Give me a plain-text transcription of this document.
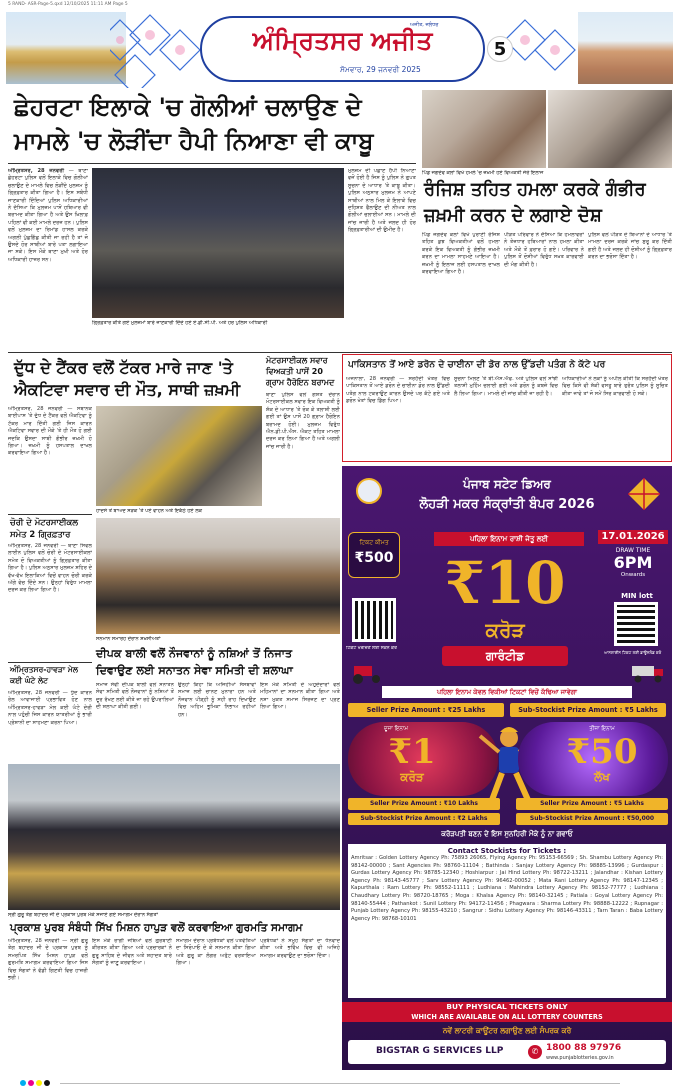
5 RAND- ASR-Page-5.qxd 12/10/2025 11:11 AM Page 5
ਅਜੀਤ, ਜਲੰਧਰ
ਅੰਮ੍ਰਿਤਸਰ ਅਜੀਤ
ਸੋਮਵਾਰ, 29 ਜਨਵਰੀ 2025
5
ਛੇਹਰਟਾ ਇਲਾਕੇ 'ਚ ਗੋਲੀਆਂ ਚਲਾਉਣ ਦੇ
ਮਾਮਲੇ 'ਚ ਲੋੜੀਂਦਾ ਹੈਪੀ ਨਿਆਣਾ ਵੀ ਕਾਬੂ
ਅੰਮ੍ਰਿਤਸਰ, 28 ਜਨਵਰੀ — ਥਾਣਾ ਛੇਹਰਟਾ ਪੁਲਿਸ ਵਲੋਂ ਇਲਾਕੇ ਵਿਚ ਗੋਲੀਆਂ ਚਲਾਉਣ ਦੇ ਮਾਮਲੇ ਵਿਚ ਲੋੜੀਂਦੇ ਮੁਲਜ਼ਮ ਨੂੰ ਗ੍ਰਿਫ਼ਤਾਰ ਕੀਤਾ ਗਿਆ ਹੈ। ਇਸ ਸਬੰਧੀ ਜਾਣਕਾਰੀ ਦਿੰਦਿਆਂ ਪੁਲਿਸ ਅਧਿਕਾਰੀਆਂ ਨੇ ਦੱਸਿਆ ਕਿ ਮੁਲਜ਼ਮ ਪਾਸੋਂ ਹਥਿਆਰ ਵੀ ਬਰਾਮਦ ਕੀਤਾ ਗਿਆ ਹੈ ਅਤੇ ਉਸ ਖ਼ਿਲਾਫ਼ ਪਹਿਲਾਂ ਵੀ ਕਈ ਮਾਮਲੇ ਦਰਜ ਹਨ। ਪੁਲਿਸ ਵਲੋਂ ਮੁਲਜ਼ਮ ਦਾ ਰਿਮਾਂਡ ਹਾਸਲ ਕਰਕੇ ਅਗਲੀ ਪੁੱਛਗਿੱਛ ਕੀਤੀ ਜਾ ਰਹੀ ਹੈ ਤਾਂ ਜੋ ਉਸਦੇ ਹੋਰ ਸਾਥੀਆਂ ਬਾਰੇ ਪਤਾ ਲਗਾਇਆ ਜਾ ਸਕੇ। ਇਸ ਮੌਕੇ ਥਾਣਾ ਮੁਖੀ ਅਤੇ ਹੋਰ ਅਧਿਕਾਰੀ ਹਾਜ਼ਰ ਸਨ।
ਗ੍ਰਿਫ਼ਤਾਰ ਕੀਤੇ ਗਏ ਮੁਲਜ਼ਮਾਂ ਬਾਰੇ ਜਾਣਕਾਰੀ ਦਿੰਦੇ ਹੋਏ ਏ.ਡੀ.ਸੀ.ਪੀ. ਅਤੇ ਹੋਰ ਪੁਲਿਸ ਅਧਿਕਾਰੀ
ਮੁਲਜ਼ਮ ਦੀ ਪਛਾਣ ਹੈਪੀ ਨਿਆਣਾ ਵਜੋਂ ਹੋਈ ਹੈ ਜਿਸ ਨੂੰ ਪੁਲਿਸ ਨੇ ਗੁਪਤ ਸੂਚਨਾ ਦੇ ਆਧਾਰ 'ਤੇ ਕਾਬੂ ਕੀਤਾ। ਪੁਲਿਸ ਅਨੁਸਾਰ ਮੁਲਜ਼ਮ ਨੇ ਆਪਣੇ ਸਾਥੀਆਂ ਨਾਲ ਮਿਲ ਕੇ ਇਲਾਕੇ ਵਿਚ ਦਹਿਸ਼ਤ ਫੈਲਾਉਣ ਦੀ ਨੀਅਤ ਨਾਲ ਗੋਲੀਆਂ ਚਲਾਈਆਂ ਸਨ। ਮਾਮਲੇ ਦੀ ਜਾਂਚ ਜਾਰੀ ਹੈ ਅਤੇ ਜਲਦ ਹੀ ਹੋਰ ਗ੍ਰਿਫ਼ਤਾਰੀਆਂ ਦੀ ਉਮੀਦ ਹੈ।
ਪਿੰਡ ਜਗਦੇਵ ਕਲਾਂ ਵਿਖੇ ਹਮਲੇ 'ਚ ਜ਼ਖ਼ਮੀ ਹੋਏ ਵਿਅਕਤੀ ਜੇਰੇ ਇਲਾਜ
ਰੰਜਿਸ਼ ਤਹਿਤ ਹਮਲਾ ਕਰਕੇ ਗੰਭੀਰ
ਜ਼ਖ਼ਮੀ ਕਰਨ ਦੇ ਲਗਾਏ ਦੋਸ਼
ਪਿੰਡ ਜਗਦੇਵ ਕਲਾਂ ਵਿਖੇ ਪੁਰਾਣੀ ਰੰਜਿਸ਼ ਤਹਿਤ ਕੁਝ ਵਿਅਕਤੀਆਂ ਵਲੋਂ ਹਮਲਾ ਕਰਕੇ ਇਕ ਵਿਅਕਤੀ ਨੂੰ ਗੰਭੀਰ ਜ਼ਖ਼ਮੀ ਕਰਨ ਦਾ ਮਾਮਲਾ ਸਾਹਮਣੇ ਆਇਆ ਹੈ। ਜ਼ਖ਼ਮੀ ਨੂੰ ਇਲਾਜ ਲਈ ਹਸਪਤਾਲ ਦਾਖਲ ਕਰਵਾਇਆ ਗਿਆ ਹੈ।
ਪੀੜਤ ਪਰਿਵਾਰ ਨੇ ਦੱਸਿਆ ਕਿ ਹਮਲਾਵਰਾਂ ਨੇ ਤੇਜ਼ਧਾਰ ਹਥਿਆਰਾਂ ਨਾਲ ਹਮਲਾ ਕੀਤਾ ਅਤੇ ਮੌਕੇ ਤੋਂ ਫ਼ਰਾਰ ਹੋ ਗਏ। ਪਰਿਵਾਰ ਨੇ ਪੁਲਿਸ ਤੋਂ ਦੋਸ਼ੀਆਂ ਵਿਰੁੱਧ ਸਖ਼ਤ ਕਾਰਵਾਈ ਦੀ ਮੰਗ ਕੀਤੀ ਹੈ।
ਪੁਲਿਸ ਵਲੋਂ ਪੀੜਤ ਦੇ ਬਿਆਨਾਂ ਦੇ ਆਧਾਰ 'ਤੇ ਮਾਮਲਾ ਦਰਜ ਕਰਕੇ ਜਾਂਚ ਸ਼ੁਰੂ ਕਰ ਦਿੱਤੀ ਗਈ ਹੈ ਅਤੇ ਜਲਦ ਹੀ ਦੋਸ਼ੀਆਂ ਨੂੰ ਗ੍ਰਿਫ਼ਤਾਰ ਕਰਨ ਦਾ ਭਰੋਸਾ ਦਿੱਤਾ ਹੈ।
ਦੁੱਧ ਦੇ ਟੈਂਕਰ ਵਲੋਂ ਟੱਕਰ ਮਾਰੇ ਜਾਣ 'ਤੇ
ਐਕਟਿਵਾ ਸਵਾਰ ਦੀ ਮੌਤ, ਸਾਥੀ ਜ਼ਖ਼ਮੀ
ਅੰਮ੍ਰਿਤਸਰ, 28 ਜਨਵਰੀ — ਸਥਾਨਕ ਬਾਈਪਾਸ 'ਤੇ ਦੁੱਧ ਦੇ ਟੈਂਕਰ ਵਲੋਂ ਐਕਟਿਵਾ ਨੂੰ ਟੱਕਰ ਮਾਰ ਦਿੱਤੀ ਗਈ ਜਿਸ ਕਾਰਨ ਐਕਟਿਵਾ ਸਵਾਰ ਦੀ ਮੌਕੇ 'ਤੇ ਹੀ ਮੌਤ ਹੋ ਗਈ ਜਦਕਿ ਉਸਦਾ ਸਾਥੀ ਗੰਭੀਰ ਜ਼ਖ਼ਮੀ ਹੋ ਗਿਆ। ਜ਼ਖ਼ਮੀ ਨੂੰ ਹਸਪਤਾਲ ਦਾਖਲ ਕਰਵਾਇਆ ਗਿਆ ਹੈ।
ਹਾਦਸੇ ਤੋਂ ਬਾਅਦ ਸੜਕ 'ਤੇ ਪਏ ਵਾਹਨ ਅਤੇ ਇਕੱਠੇ ਹੋਏ ਲੋਕ
ਮੋਟਰਸਾਈਕਲ ਸਵਾਰ
ਵਿਅਕਤੀ ਪਾਸੋਂ 20
ਗ੍ਰਾਮ ਹੈਰੋਇਨ ਬਰਾਮਦ
ਥਾਣਾ ਪੁਲਿਸ ਵਲੋਂ ਗਸ਼ਤ ਦੌਰਾਨ ਮੋਟਰਸਾਈਕਲ ਸਵਾਰ ਇਕ ਵਿਅਕਤੀ ਨੂੰ ਸ਼ੱਕ ਦੇ ਆਧਾਰ 'ਤੇ ਰੋਕ ਕੇ ਤਲਾਸ਼ੀ ਲਈ ਗਈ ਤਾਂ ਉਸ ਪਾਸੋਂ 20 ਗ੍ਰਾਮ ਹੈਰੋਇਨ ਬਰਾਮਦ ਹੋਈ। ਮੁਲਜ਼ਮ ਵਿਰੁੱਧ ਐਨ.ਡੀ.ਪੀ.ਐਸ. ਐਕਟ ਤਹਿਤ ਮਾਮਲਾ ਦਰਜ ਕਰ ਲਿਆ ਗਿਆ ਹੈ ਅਤੇ ਅਗਲੀ ਜਾਂਚ ਜਾਰੀ ਹੈ।
ਪਾਕਿਸਤਾਨ ਤੋਂ ਆਏ ਡਰੋਨ ਦੇ ਚਾਈਨਾ ਦੀ ਡੋਰ ਨਾਲ ਉੱਡਦੀ ਪਤੰਗ ਨੇ ਕੱਟੇ ਪਰ
ਅਜਨਾਲਾ, 28 ਜਨਵਰੀ — ਸਰਹੱਦੀ ਖੇਤਰ ਵਿਚ ਪਾਕਿਸਤਾਨ ਤੋਂ ਆਏ ਡਰੋਨ ਦੇ ਚਾਈਨਾ ਡੋਰ ਨਾਲ ਉੱਡਦੀ ਪਤੰਗ ਨਾਲ ਟਕਰਾਉਣ ਕਾਰਨ ਉਸਦੇ ਪਰ ਕੱਟੇ ਗਏ ਅਤੇ ਡਰੋਨ ਖੇਤਾਂ ਵਿਚ ਡਿੱਗ ਪਿਆ।
ਸੂਚਨਾ ਮਿਲਣ 'ਤੇ ਬੀ.ਐਸ.ਐਫ. ਅਤੇ ਪੁਲਿਸ ਵਲੋਂ ਸਾਂਝੀ ਤਲਾਸ਼ੀ ਮੁਹਿੰਮ ਚਲਾਈ ਗਈ ਅਤੇ ਡਰੋਨ ਨੂੰ ਕਬਜ਼ੇ ਵਿਚ ਲੈ ਲਿਆ ਗਿਆ। ਮਾਮਲੇ ਦੀ ਜਾਂਚ ਕੀਤੀ ਜਾ ਰਹੀ ਹੈ।
ਅਧਿਕਾਰੀਆਂ ਨੇ ਲੋਕਾਂ ਨੂੰ ਅਪੀਲ ਕੀਤੀ ਕਿ ਸਰਹੱਦੀ ਖੇਤਰ ਵਿਚ ਕਿਸੇ ਵੀ ਸ਼ੱਕੀ ਵਸਤੂ ਬਾਰੇ ਤੁਰੰਤ ਪੁਲਿਸ ਨੂੰ ਸੂਚਿਤ ਕੀਤਾ ਜਾਵੇ ਤਾਂ ਜੋ ਸਮੇਂ ਸਿਰ ਕਾਰਵਾਈ ਹੋ ਸਕੇ।
ਚੋਰੀ ਦੇ ਮੋਟਰਸਾਈਕਲ
ਸਮੇਤ 2 ਗ੍ਰਿਫ਼ਤਾਰ
ਅੰਮ੍ਰਿਤਸਰ, 28 ਜਨਵਰੀ — ਥਾਣਾ ਸਿਵਲ ਲਾਈਨ ਪੁਲਿਸ ਵਲੋਂ ਚੋਰੀ ਦੇ ਮੋਟਰਸਾਈਕਲਾਂ ਸਮੇਤ ਦੋ ਵਿਅਕਤੀਆਂ ਨੂੰ ਗ੍ਰਿਫ਼ਤਾਰ ਕੀਤਾ ਗਿਆ ਹੈ। ਪੁਲਿਸ ਅਨੁਸਾਰ ਮੁਲਜ਼ਮ ਸ਼ਹਿਰ ਦੇ ਵੱਖ-ਵੱਖ ਇਲਾਕਿਆਂ ਵਿਚੋਂ ਵਾਹਨ ਚੋਰੀ ਕਰਕੇ ਅੱਗੇ ਵੇਚ ਦਿੰਦੇ ਸਨ। ਉਨ੍ਹਾਂ ਵਿਰੁੱਧ ਮਾਮਲਾ ਦਰਜ ਕਰ ਲਿਆ ਗਿਆ ਹੈ।
ਸਨਮਾਨ ਸਮਾਰੋਹ ਦੌਰਾਨ ਸ਼ਖ਼ਸੀਅਤਾਂ
ਦੀਪਕ ਬਾਲੀ ਵਲੋਂ ਨੌਜਵਾਨਾਂ ਨੂੰ ਨਸ਼ਿਆਂ ਤੋਂ ਨਿਜਾਤ
ਦਿਵਾਉਣ ਲਈ ਸਨਾਤਨ ਸੇਵਾ ਸਮਿਤੀ ਦੀ ਸ਼ਲਾਘਾ
ਸਮਾਜ ਸੇਵੀ ਦੀਪਕ ਬਾਲੀ ਵਲੋਂ ਸਨਾਤਨ ਸੇਵਾ ਸਮਿਤੀ ਵਲੋਂ ਨੌਜਵਾਨਾਂ ਨੂੰ ਨਸ਼ਿਆਂ ਤੋਂ ਦੂਰ ਰੱਖਣ ਲਈ ਕੀਤੇ ਜਾ ਰਹੇ ਉਪਰਾਲਿਆਂ ਦੀ ਸ਼ਲਾਘਾ ਕੀਤੀ ਗਈ।
ਉਨ੍ਹਾਂ ਕਿਹਾ ਕਿ ਅਜਿਹੀਆਂ ਸੰਸਥਾਵਾਂ ਸਮਾਜ ਲਈ ਚਾਨਣ ਮੁਨਾਰਾ ਹਨ ਅਤੇ ਨੌਜਵਾਨ ਪੀੜ੍ਹੀ ਨੂੰ ਸਹੀ ਰਾਹ ਦਿਖਾਉਣ ਵਿਚ ਅਹਿਮ ਭੂਮਿਕਾ ਨਿਭਾਅ ਰਹੀਆਂ ਹਨ।
ਇਸ ਮੌਕੇ ਸਮਿਤੀ ਦੇ ਅਹੁਦੇਦਾਰਾਂ ਵਲੋਂ ਮਹਿਮਾਨਾਂ ਦਾ ਸਨਮਾਨ ਕੀਤਾ ਗਿਆ ਅਤੇ ਨਸ਼ਾ ਮੁਕਤ ਸਮਾਜ ਸਿਰਜਣ ਦਾ ਪ੍ਰਣ ਲਿਆ ਗਿਆ।
ਅੰਮ੍ਰਿਤਸਰ-ਹਾਵੜਾ ਮੇਲ
ਕਈ ਘੰਟੇ ਲੇਟ
ਅੰਮ੍ਰਿਤਸਰ, 28 ਜਨਵਰੀ — ਧੁੰਦ ਕਾਰਨ ਰੇਲ ਆਵਾਜਾਈ ਪ੍ਰਭਾਵਿਤ ਹੋਣ ਨਾਲ ਅੰਮ੍ਰਿਤਸਰ-ਹਾਵੜਾ ਮੇਲ ਕਈ ਘੰਟੇ ਦੇਰੀ ਨਾਲ ਪਹੁੰਚੀ ਜਿਸ ਕਾਰਨ ਯਾਤਰੀਆਂ ਨੂੰ ਭਾਰੀ ਪ੍ਰੇਸ਼ਾਨੀ ਦਾ ਸਾਹਮਣਾ ਕਰਨਾ ਪਿਆ।
ਸ੍ਰੀ ਗੁਰੂ ਤੇਗ ਬਹਾਦਰ ਜੀ ਦੇ ਪ੍ਰਕਾਸ਼ ਪੁਰਬ ਮੌਕੇ ਸਜਾਏ ਗਏ ਸਮਾਗਮ ਦੌਰਾਨ ਸੰਗਤਾਂ
ਪ੍ਰਕਾਸ਼ ਪੁਰਬ ਸੰਬੰਧੀ ਸਿੱਖ ਮਿਸ਼ਨ ਹਾਪੁੜ ਵਲੋਂ ਕਰਵਾਇਆ ਗੁਰਮਤਿ ਸਮਾਗਮ
ਅੰਮ੍ਰਿਤਸਰ, 28 ਜਨਵਰੀ — ਸ੍ਰੀ ਗੁਰੂ ਤੇਗ ਬਹਾਦਰ ਜੀ ਦੇ ਪ੍ਰਕਾਸ਼ ਪੁਰਬ ਨੂੰ ਸਮਰਪਿਤ ਸਿੱਖ ਮਿਸ਼ਨ ਹਾਪੁੜ ਵਲੋਂ ਗੁਰਮਤਿ ਸਮਾਗਮ ਕਰਵਾਇਆ ਗਿਆ ਜਿਸ ਵਿਚ ਸੰਗਤਾਂ ਨੇ ਵੱਡੀ ਗਿਣਤੀ ਵਿਚ ਹਾਜ਼ਰੀ ਭਰੀ।
ਇਸ ਮੌਕੇ ਰਾਗੀ ਜਥਿਆਂ ਵਲੋਂ ਗੁਰਬਾਣੀ ਕੀਰਤਨ ਕੀਤਾ ਗਿਆ ਅਤੇ ਪ੍ਰਚਾਰਕਾਂ ਨੇ ਗੁਰੂ ਸਾਹਿਬ ਦੇ ਜੀਵਨ ਅਤੇ ਸ਼ਹਾਦਤ ਬਾਰੇ ਸੰਗਤਾਂ ਨੂੰ ਜਾਣੂ ਕਰਵਾਇਆ।
ਸਮਾਗਮ ਦੌਰਾਨ ਪ੍ਰਬੰਧਕਾਂ ਵਲੋਂ ਪਤਵੰਤਿਆਂ ਦਾ ਸਿਰੋਪਾਓ ਦੇ ਕੇ ਸਨਮਾਨ ਕੀਤਾ ਗਿਆ ਅਤੇ ਗੁਰੂ ਕਾ ਲੰਗਰ ਅਤੁੱਟ ਵਰਤਾਇਆ ਗਿਆ।
ਪ੍ਰਬੰਧਕਾਂ ਨੇ ਸਮੂਹ ਸੰਗਤਾਂ ਦਾ ਧੰਨਵਾਦ ਕੀਤਾ ਅਤੇ ਭਵਿੱਖ ਵਿਚ ਵੀ ਅਜਿਹੇ ਸਮਾਗਮ ਕਰਵਾਉਣ ਦਾ ਭਰੋਸਾ ਦਿੱਤਾ।
ਪੰਜਾਬ ਸਟੇਟ ਡਿਅਰ
ਲੋਹੜੀ ਮਕਰ ਸੰਕ੍ਰਾਂਤੀ ਬੰਪਰ 2026
ਟਿਕਟ ਕੀਮਤ
₹500
ਪਹਿਲਾ ਇਨਾਮ ਰਾਸ਼ੀ ਜੇਤੂ ਲਈ	17.01.2026
DRAW TIME
6PM
Onwards
₹10
ਕਰੋੜ
ਗਾਰੰਟੀਡ
ਟਿਕਟ ਖਰੀਦਣ ਲਈ ਸਕੈਨ ਕਰੋ
MIN lott
ਆਨਲਾਈਨ ਟਿਕਟ ਲਈ ਡਾਊਨਲੋਡ ਕਰੋ
ਪਹਿਲਾ ਇਨਾਮ ਕੇਵਲ ਵਿਕੀਆਂ ਟਿਕਟਾਂ ਵਿਚੋਂ ਕੱਢਿਆ ਜਾਵੇਗਾ
Seller Prize Amount : ₹25 Lakhs	Sub-Stockist Prize Amount : ₹5 Lakhs
ਦੂਜਾ ਇਨਾਮ
₹1
ਕਰੋੜ
ਤੀਜਾ ਇਨਾਮ
₹50
ਲੱਖ
Seller Prize Amount : ₹10 Lakhs
Sub-Stockist Prize Amount : ₹2 Lakhs
Seller Prize Amount : ₹5 Lakhs
Sub-Stockist Prize Amount : ₹50,000
ਕਰੋੜਪਤੀ ਬਣਨ ਦੇ ਇਸ ਸੁਨਹਿਰੀ ਮੌਕੇ ਨੂੰ ਨਾ ਗਵਾਓ
Contact Stockists for Tickets :
Amritsar : Golden Lottery Agency Ph: 75893 26065, Flying Agency Ph: 95153-66569 ; Sh. Shambu Lottery Agency Ph: 98142-00000 ; Sant Agencies Ph: 98760-11104 ; Bathinda : Sanjay Lottery Agency Ph: 98885-13996 ; Gurdaspur : Gurdas Lottery Agency Ph: 98785-12340 ; Hoshiarpur : Jai Hind Lottery Ph: 98722-13211 ; Jalandhar : Kishan Lottery Agency Ph: 98143-45777 ; Sarv Lottery Agency Ph: 96462-00052 ; Mata Rani Lottery Agency Ph: 98147-12345 ; Kapurthala : Ram Lottery Ph: 98552-11111 ; Ludhiana : Mahindra Lottery Agency Ph: 98152-77777 ; Ludhiana : Chaudhary Lottery Ph: 98720-18765 ; Moga : Khalsa Agency Ph: 98140-32145 ; Patiala : Goyal Lottery Agency Ph: 98140-55444 ; Pathankot : Sunil Lottery Ph: 94172-11456 ; Phagwara : Sharma Lottery Ph: 98888-12222 ; Rupnagar : Punjab Lottery Agency Ph: 98155-43210 ; Sangrur : Sidhu Lottery Agency Ph: 98146-43311 ; Tarn Taran : Baba Lottery Agency Ph: 98768-10101
BUY PHYSICAL TICKETS ONLY
WHICH ARE AVAILABLE ON ALL LOTTERY COUNTERS
ਨਵੇਂ ਲਾਟਰੀ ਕਾਊਂਟਰ ਲਗਾਉਣ ਲਈ ਸੰਪਰਕ ਕਰੋ
BIGSTAR G SERVICES LLP	✆ 1800 88 97976
www.punjablotteries.gov.in
